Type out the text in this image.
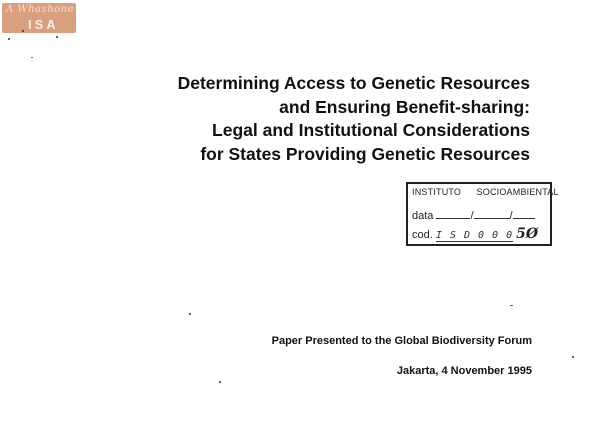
A Whashone
ISA
Determining Access to Genetic Resources
and Ensuring Benefit-sharing:
Legal and Institutional Considerations
for States Providing Genetic Resources
INSTITUTO SOCIOAMBIENTAL
data	/	/
cod. I S D 0 0 0 5Ø
Paper Presented to the Global Biodiversity Forum
Jakarta, 4 November 1995
